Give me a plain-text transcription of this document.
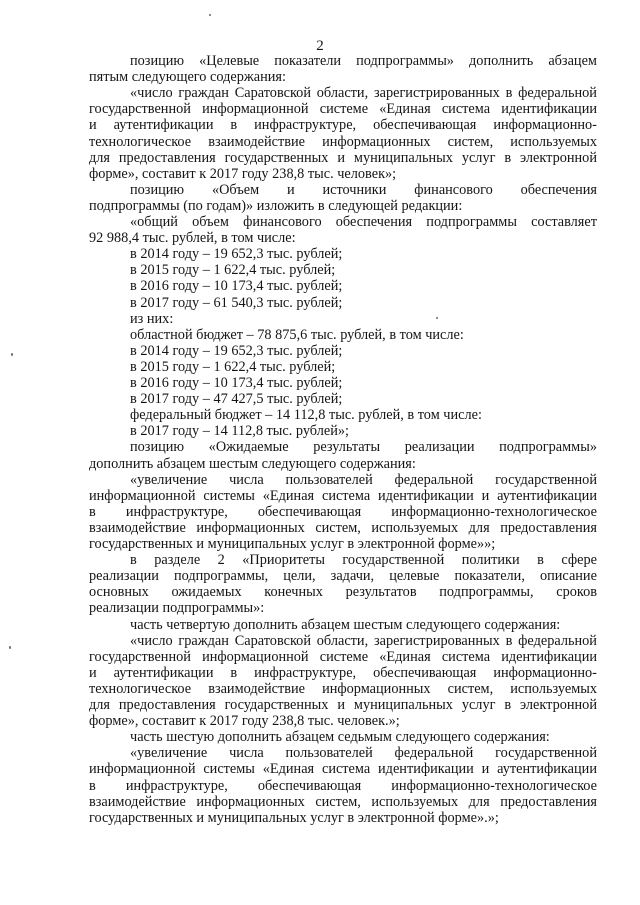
2
позицию «Целевые показатели подпрограммы» дополнить абзацем
пятым следующего содержания:
«число граждан Саратовской области, зарегистрированных в федеральной
государственной информационной системе «Единая система идентификации
и аутентификации в инфраструктуре, обеспечивающая информационно-
технологическое взаимодействие информационных систем, используемых
для предоставления государственных и муниципальных услуг в электронной
форме», составит к 2017 году 238,8 тыс. человек»;
позицию «Объем и источники финансового обеспечения
подпрограммы (по годам)» изложить в следующей редакции:
«общий объем финансового обеспечения подпрограммы составляет
92 988,4 тыс. рублей, в том числе:
в 2014 году – 19 652,3 тыс. рублей;
в 2015 году – 1 622,4 тыс. рублей;
в 2016 году – 10 173,4 тыс. рублей;
в 2017 году – 61 540,3 тыс. рублей;
из них:
областной бюджет – 78 875,6 тыс. рублей, в том числе:
в 2014 году – 19 652,3 тыс. рублей;
в 2015 году – 1 622,4 тыс. рублей;
в 2016 году – 10 173,4 тыс. рублей;
в 2017 году – 47 427,5 тыс. рублей;
федеральный бюджет – 14 112,8 тыс. рублей, в том числе:
в 2017 году – 14 112,8 тыс. рублей»;
позицию «Ожидаемые результаты реализации подпрограммы»
дополнить абзацем шестым следующего содержания:
«увеличение числа пользователей федеральной государственной
информационной системы «Единая система идентификации и аутентификации
в инфраструктуре, обеспечивающая информационно-технологическое
взаимодействие информационных систем, используемых для предоставления
государственных и муниципальных услуг в электронной форме»»;
в разделе 2 «Приоритеты государственной политики в сфере
реализации подпрограммы, цели, задачи, целевые показатели, описание
основных ожидаемых конечных результатов подпрограммы, сроков
реализации подпрограммы»:
часть четвертую дополнить абзацем шестым следующего содержания:
«число граждан Саратовской области, зарегистрированных в федеральной
государственной информационной системе «Единая система идентификации
и аутентификации в инфраструктуре, обеспечивающая информационно-
технологическое взаимодействие информационных систем, используемых
для предоставления государственных и муниципальных услуг в электронной
форме», составит к 2017 году 238,8 тыс. человек.»;
часть шестую дополнить абзацем седьмым следующего содержания:
«увеличение числа пользователей федеральной государственной
информационной системы «Единая система идентификации и аутентификации
в инфраструктуре, обеспечивающая информационно-технологическое
взаимодействие информационных систем, используемых для предоставления
государственных и муниципальных услуг в электронной форме».»;
